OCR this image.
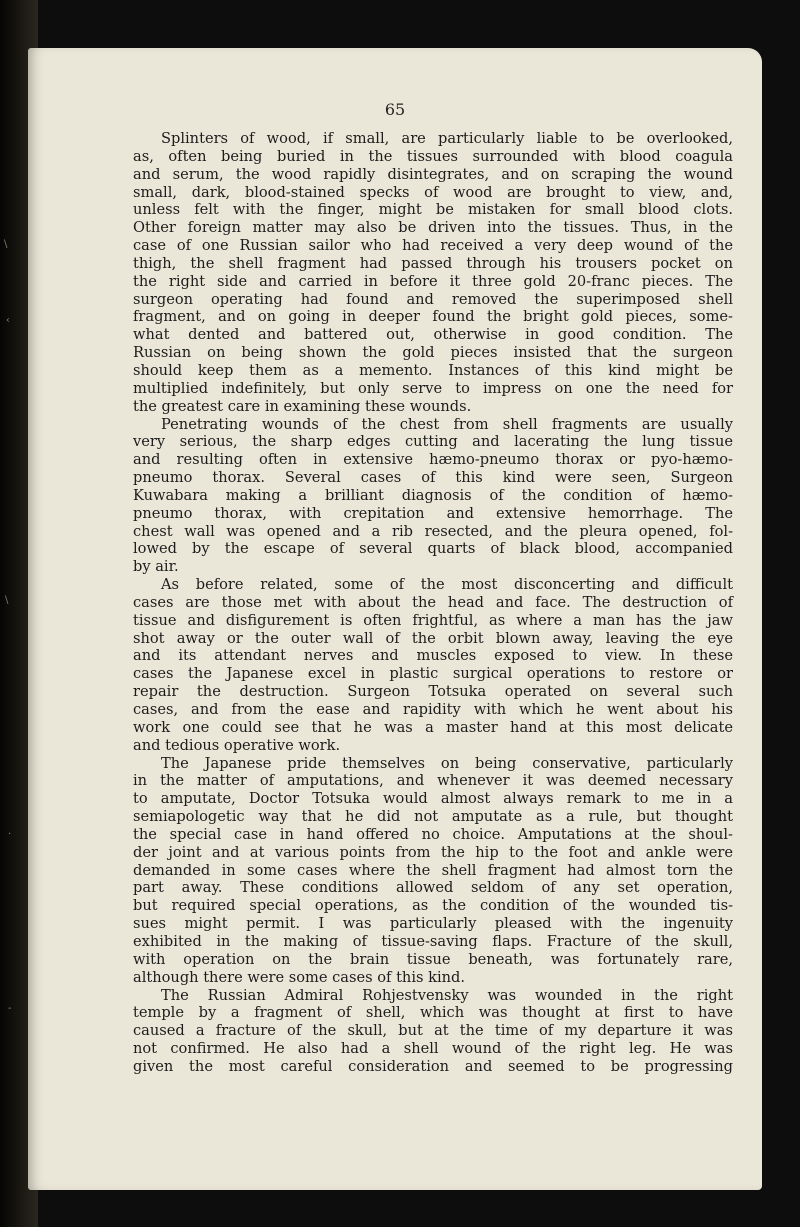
\
‹
\
·
-
65
Splinters of wood, if small, are particularly liable to be overlooked,
as, often being buried in the tissues surrounded with blood coagula
and serum, the wood rapidly disintegrates, and on scraping the wound
small, dark, blood-stained specks of wood are brought to view, and,
unless felt with the finger, might be mistaken for small blood clots.
Other foreign matter may also be driven into the tissues. Thus, in the
case of one Russian sailor who had received a very deep wound of the
thigh, the shell fragment had passed through his trousers pocket on
the right side and carried in before it three gold 20-franc pieces. The
surgeon operating had found and removed the superimposed shell
fragment, and on going in deeper found the bright gold pieces, some-
what dented and battered out, otherwise in good condition. The
Russian on being shown the gold pieces insisted that the surgeon
should keep them as a memento. Instances of this kind might be
multiplied indefinitely, but only serve to impress on one the need for
the greatest care in examining these wounds.
Penetrating wounds of the chest from shell fragments are usually
very serious, the sharp edges cutting and lacerating the lung tissue
and resulting often in extensive hæmo-pneumo thorax or pyo-hæmo-
pneumo thorax. Several cases of this kind were seen, Surgeon
Kuwabara making a brilliant diagnosis of the condition of hæmo-
pneumo thorax, with crepitation and extensive hemorrhage. The
chest wall was opened and a rib resected, and the pleura opened, fol-
lowed by the escape of several quarts of black blood, accompanied
by air.
As before related, some of the most disconcerting and difficult
cases are those met with about the head and face. The destruction of
tissue and disfigurement is often frightful, as where a man has the jaw
shot away or the outer wall of the orbit blown away, leaving the eye
and its attendant nerves and muscles exposed to view. In these
cases the Japanese excel in plastic surgical operations to restore or
repair the destruction. Surgeon Totsuka operated on several such
cases, and from the ease and rapidity with which he went about his
work one could see that he was a master hand at this most delicate
and tedious operative work.
The Japanese pride themselves on being conservative, particularly
in the matter of amputations, and whenever it was deemed necessary
to amputate, Doctor Totsuka would almost always remark to me in a
semiapologetic way that he did not amputate as a rule, but thought
the special case in hand offered no choice. Amputations at the shoul-
der joint and at various points from the hip to the foot and ankle were
demanded in some cases where the shell fragment had almost torn the
part away. These conditions allowed seldom of any set operation,
but required special operations, as the condition of the wounded tis-
sues might permit. I was particularly pleased with the ingenuity
exhibited in the making of tissue-saving flaps. Fracture of the skull,
with operation on the brain tissue beneath, was fortunately rare,
although there were some cases of this kind.
The Russian Admiral Rohjestvensky was wounded in the right
temple by a fragment of shell, which was thought at first to have
caused a fracture of the skull, but at the time of my departure it was
not confirmed. He also had a shell wound of the right leg. He was
given the most careful consideration and seemed to be progressing
